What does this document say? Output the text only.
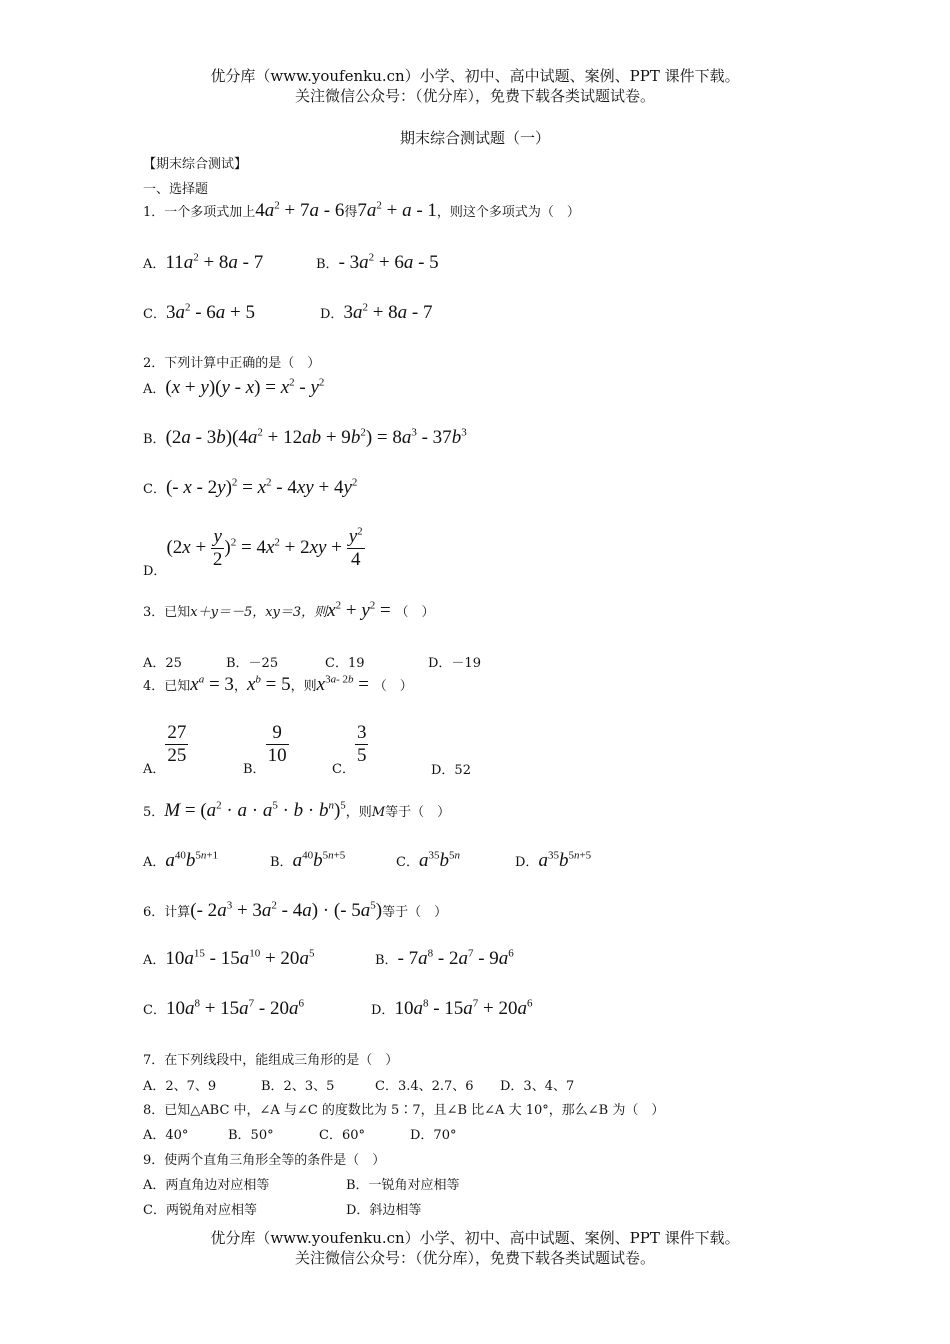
优分库（www.youfenku.cn）小学、初中、高中试题、案例、PPT 课件下载。
关注微信公众号：（优分库），免费下载各类试题试卷。
期末综合测试题（一）
【期末综合测试】
一、选择题
1．一个多项式加上$4a^2 + 7a - 6$得$7a^2 + a - 1$，则这个多项式为（　）
A．$11a^2 + 8a - 7$	B．- $3a^2 + 6a - 5$
C．$3a^2 - 6a + 5$	D．$3a^2 + 8a - 7$
2．下列计算中正确的是（　）
A．$(x + y)(y - x) = x^2 - y^2$
B．$(2a - 3b)(4a^2 + 12ab + 9b^2) = 8a^3 - 37b^3$
C．(- $x - 2y)^2 = x^2 - 4xy + 4y^2$
D．$(2x + \frac{y}{2} )^2 = 4x^2 + 2xy + \frac{y^2}{4}$
3．已知x＋y＝－5，xy＝3，则$x^2 + y^2$ = （　）
A．25	B．－25	C．19	D．－19
4．已知$x^a = 3$，$x^b = 5$，则$x^{3a- 2b}$ = （　）
A．
$\frac{27}{25}$
B．
$\frac{9}{10}$
C．
$\frac{3}{5}$
D．52
5．$M = (a^2 \cdot a \cdot a^5 \cdot b \cdot b^n)^5$，则M等于（　）
A．$a^{40}b^{5n+1}$	B．$a^{40}b^{5n+5}$	C．$a^{35}b^{5n}$	D．$a^{35}b^{5n+5}$
6．计算(- $2a^3 + 3a^2 - 4a$) · (- $5a^5$)等于（　）
A．$10a^{15} - 15a^{10} + 20a^5$	B．- $7a^8 - 2a^7 - 9a^6$
C．$10a^8 + 15a^7 - 20a^6$	D．$10a^8 - 15a^7 + 20a^6$
7．在下列线段中，能组成三角形的是（　）
A．2、7、9	B．2、3、5	C．3.4、2.7、6 D．3、4、7
8．已知△ABC 中，∠A 与∠C 的度数比为 5∶7，且∠B 比∠A 大 10°，那么∠B 为（　）
A．40°	B．50°	C．60°	D．70°
9．使两个直角三角形全等的条件是（　）
A．两直角边对应相等	B．一锐角对应相等
C．两锐角对应相等	D．斜边相等
优分库（www.youfenku.cn）小学、初中、高中试题、案例、PPT 课件下载。
关注微信公众号：（优分库），免费下载各类试题试卷。
